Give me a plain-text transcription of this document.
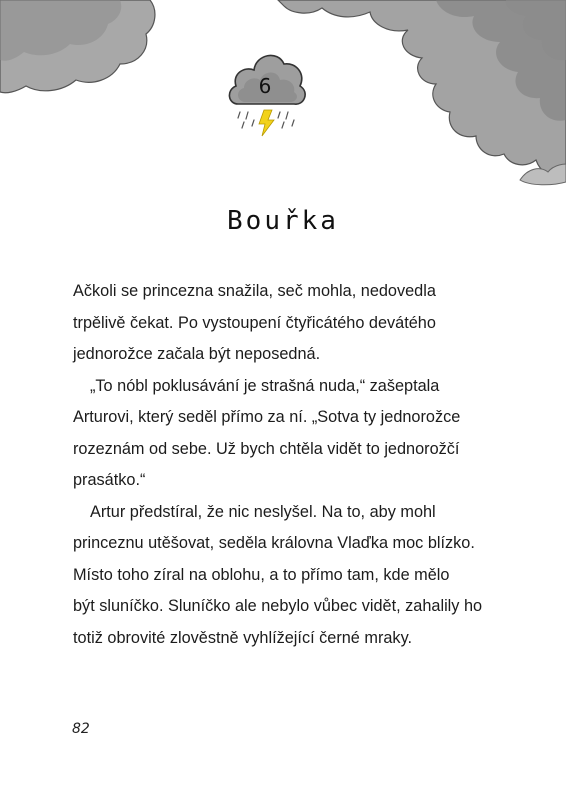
6
Bouřka

Ačkoli se princezna snažila, seč mohla, nedovedla
trpělivě čekat. Po vystoupení čtyřicátého devátého
jednorožce začala být neposedná.

„To nóbl poklusávání je strašná nuda,“ zašeptala
Arturovi, který seděl přímo za ní. „Sotva ty jednorožce
rozeznám od sebe. Už bych chtěla vidět to jednorožčí
prasátko.“

Artur předstíral, že nic neslyšel. Na to, aby mohl
princeznu utěšovat, seděla královna Vlaďka moc blízko.
Místo toho zíral na oblohu, a to přímo tam, kde mělo
být sluníčko. Sluníčko ale nebylo vůbec vidět, zahalily ho
totiž obrovité zlověstně vyhlížející černé mraky.

82
